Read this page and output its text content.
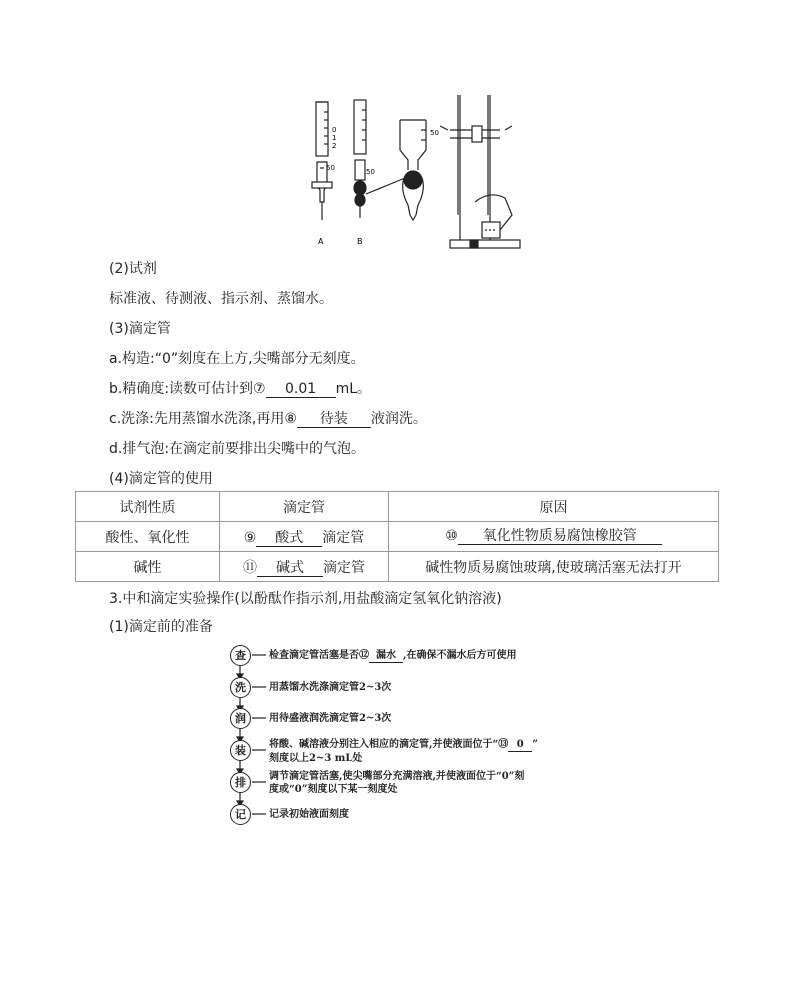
0
1
2
50	50
50
A	B
(2)试剂
标准液、待测液、指示剂、蒸馏水。
(3)滴定管
a.构造:“0”刻度在上方,尖嘴部分无刻度。
b.精确度:读数可估计到⑦ 0.01 mL。
c.洗涤:先用蒸馏水洗涤,再用⑧ 待装 液润洗。
d.排气泡:在滴定前要排出尖嘴中的气泡。
(4)滴定管的使用
试剂性质	滴定管	原因
酸性、氧化性	⑨ 酸式 滴定管	⑩ 氧化性物质易腐蚀橡胶管
碱性	⑪ 碱式 滴定管	碱性物质易腐蚀玻璃,使玻璃活塞无法打开
3.中和滴定实验操作(以酚酞作指示剂,用盐酸滴定氢氧化钠溶液)
(1)滴定前的准备
查	检查滴定管活塞是否⑫ 漏水 ,在确保不漏水后方可使用
洗	用蒸馏水洗涤滴定管2~3次
润	用待盛液润洗滴定管2~3次
装	将酸、碱溶液分别注入相应的滴定管,并使液面位于“⑬ 0 ”
刻度以上2~3 mL处
排	调节滴定管活塞,使尖嘴部分充满溶液,并使液面位于“0”刻
度或“0”刻度以下某一刻度处
记	记录初始液面刻度
